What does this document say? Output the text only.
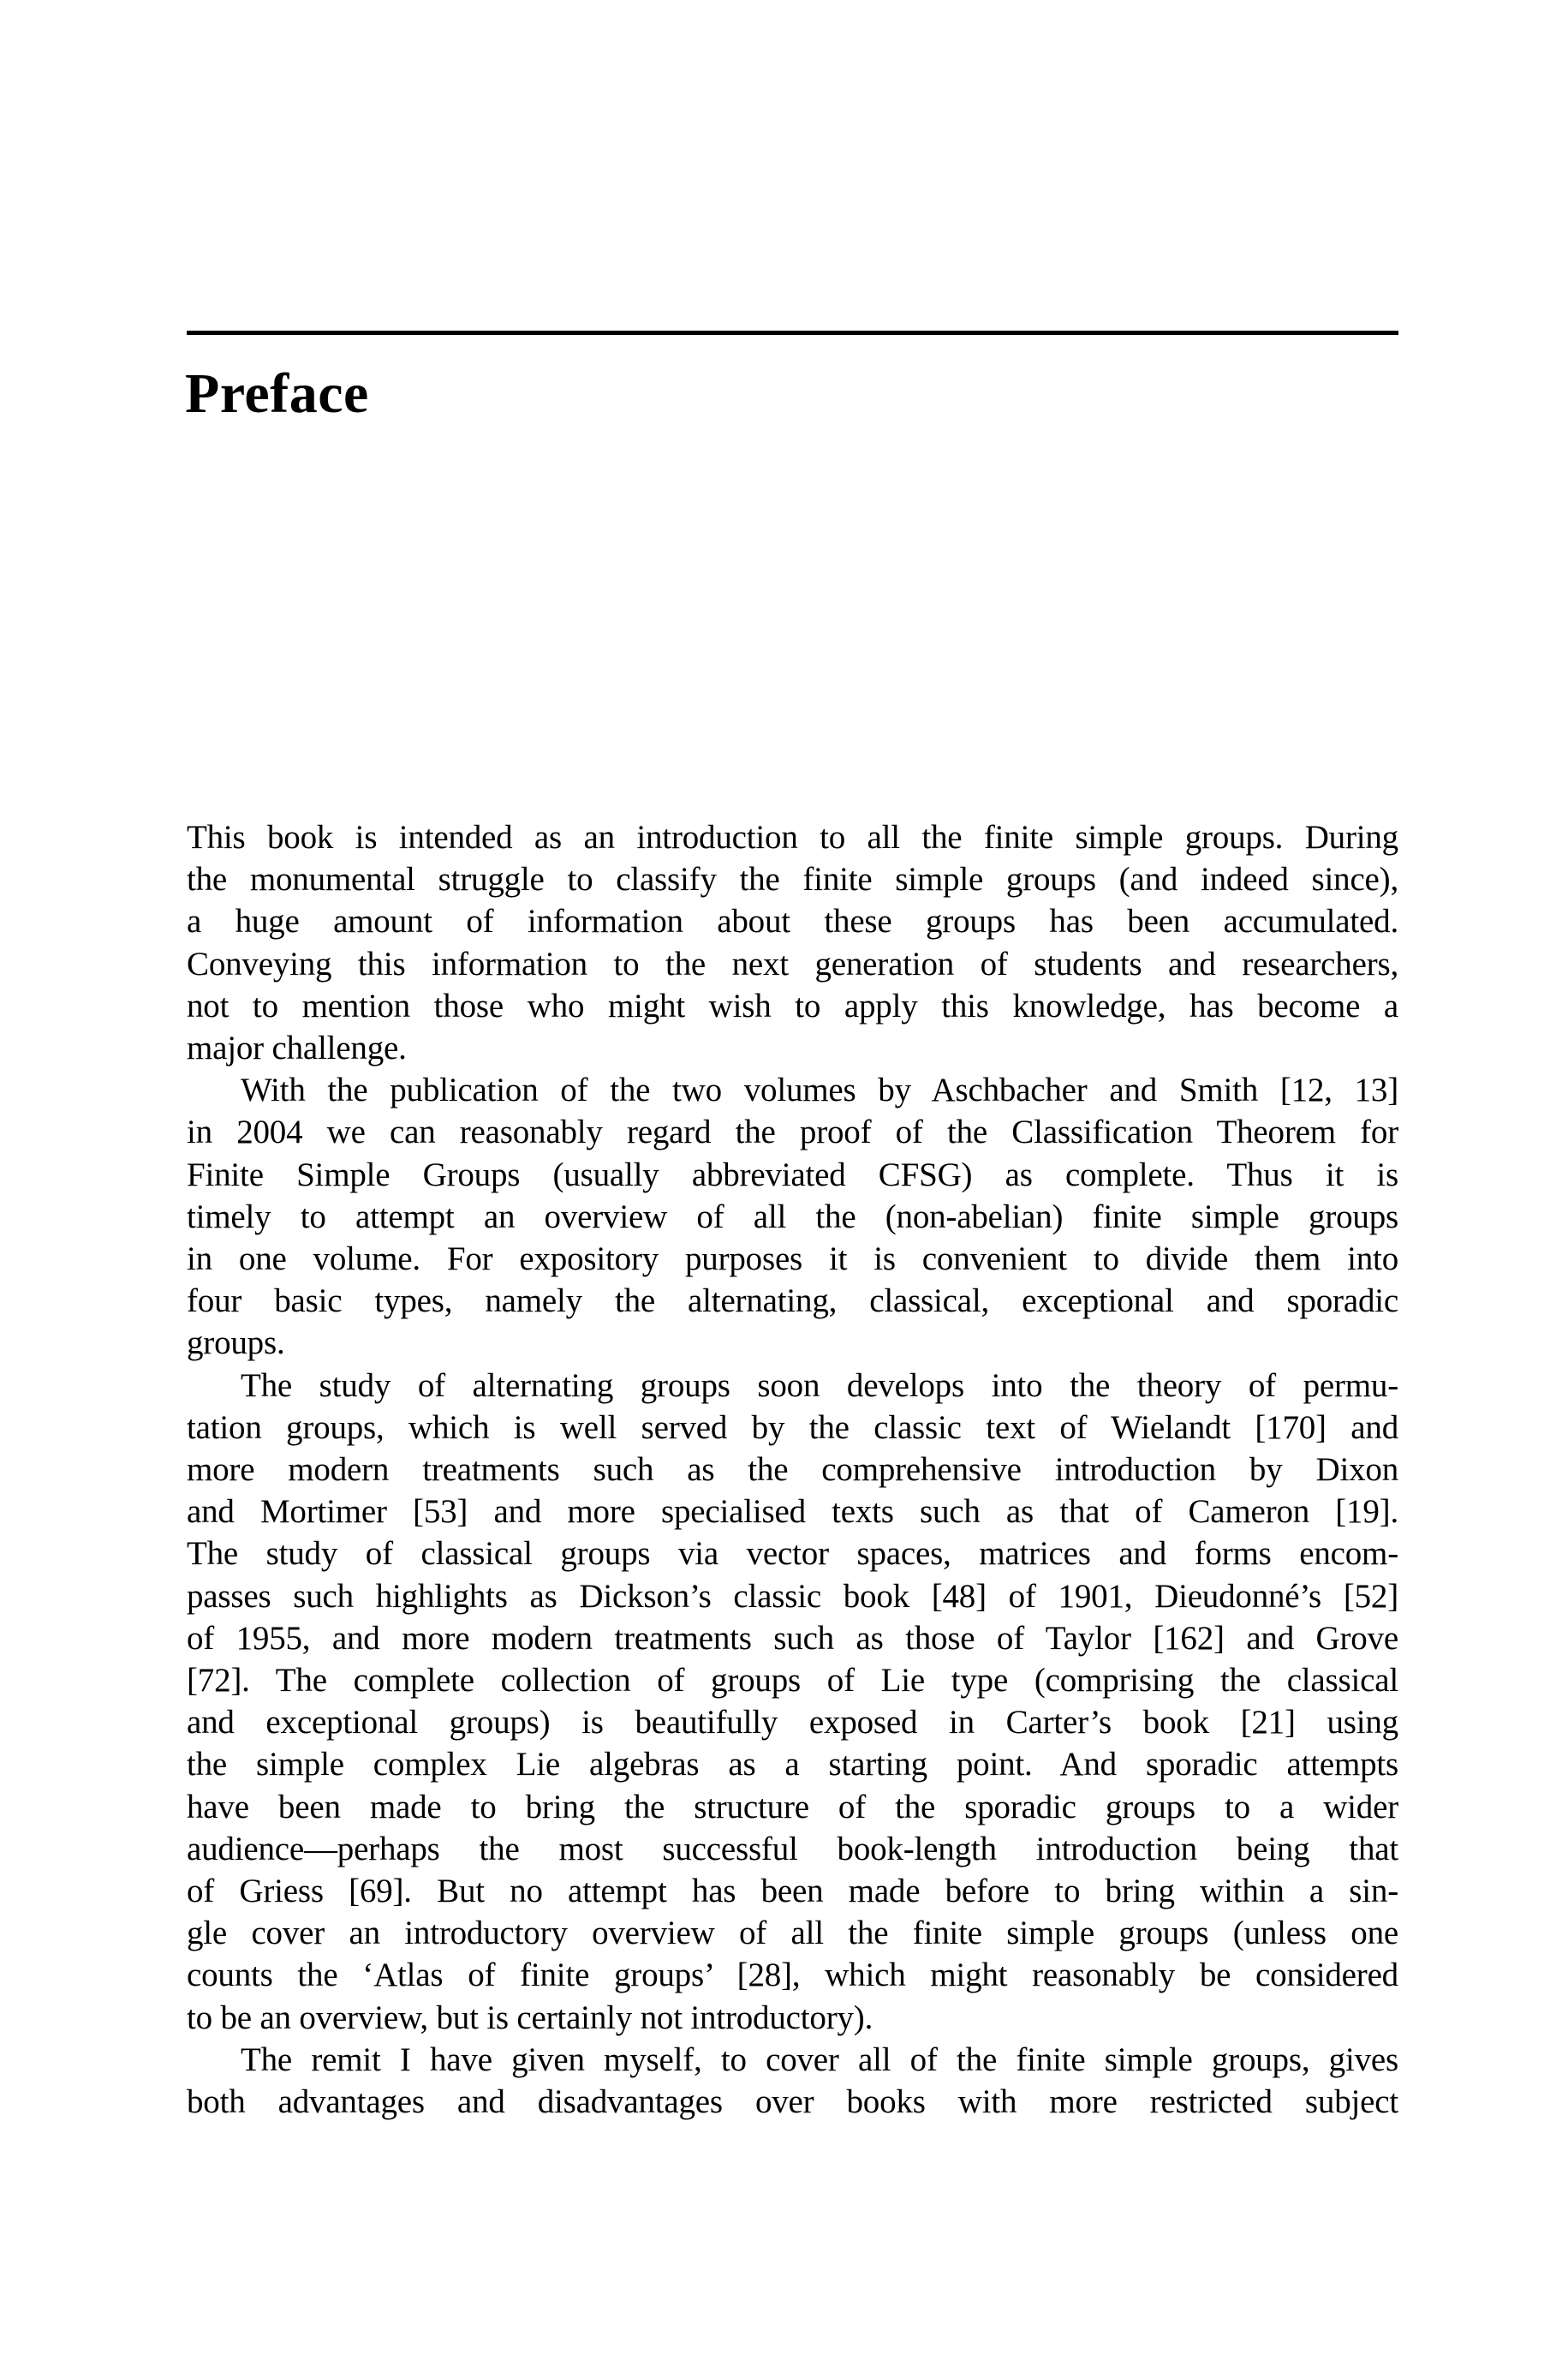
Preface

This book is intended as an introduction to all the finite simple groups. During
the monumental struggle to classify the finite simple groups (and indeed since),
a huge amount of information about these groups has been accumulated.
Conveying this information to the next generation of students and researchers,
not to mention those who might wish to apply this knowledge, has become a
major challenge.

With the publication of the two volumes by Aschbacher and Smith [12, 13]
in 2004 we can reasonably regard the proof of the Classification Theorem for
Finite Simple Groups (usually abbreviated CFSG) as complete. Thus it is
timely to attempt an overview of all the (non-abelian) finite simple groups
in one volume. For expository purposes it is convenient to divide them into
four basic types, namely the alternating, classical, exceptional and sporadic
groups.

The study of alternating groups soon develops into the theory of permu-
tation groups, which is well served by the classic text of Wielandt [170] and
more modern treatments such as the comprehensive introduction by Dixon
and Mortimer [53] and more specialised texts such as that of Cameron [19].
The study of classical groups via vector spaces, matrices and forms encom-
passes such highlights as Dickson’s classic book [48] of 1901, Dieudonné’s [52]
of 1955, and more modern treatments such as those of Taylor [162] and Grove
[72]. The complete collection of groups of Lie type (comprising the classical
and exceptional groups) is beautifully exposed in Carter’s book [21] using
the simple complex Lie algebras as a starting point. And sporadic attempts
have been made to bring the structure of the sporadic groups to a wider
audience—perhaps the most successful book-length introduction being that
of Griess [69]. But no attempt has been made before to bring within a sin-
gle cover an introductory overview of all the finite simple groups (unless one
counts the ‘Atlas of finite groups’ [28], which might reasonably be considered
to be an overview, but is certainly not introductory).

The remit I have given myself, to cover all of the finite simple groups, gives
both advantages and disadvantages over books with more restricted subject
